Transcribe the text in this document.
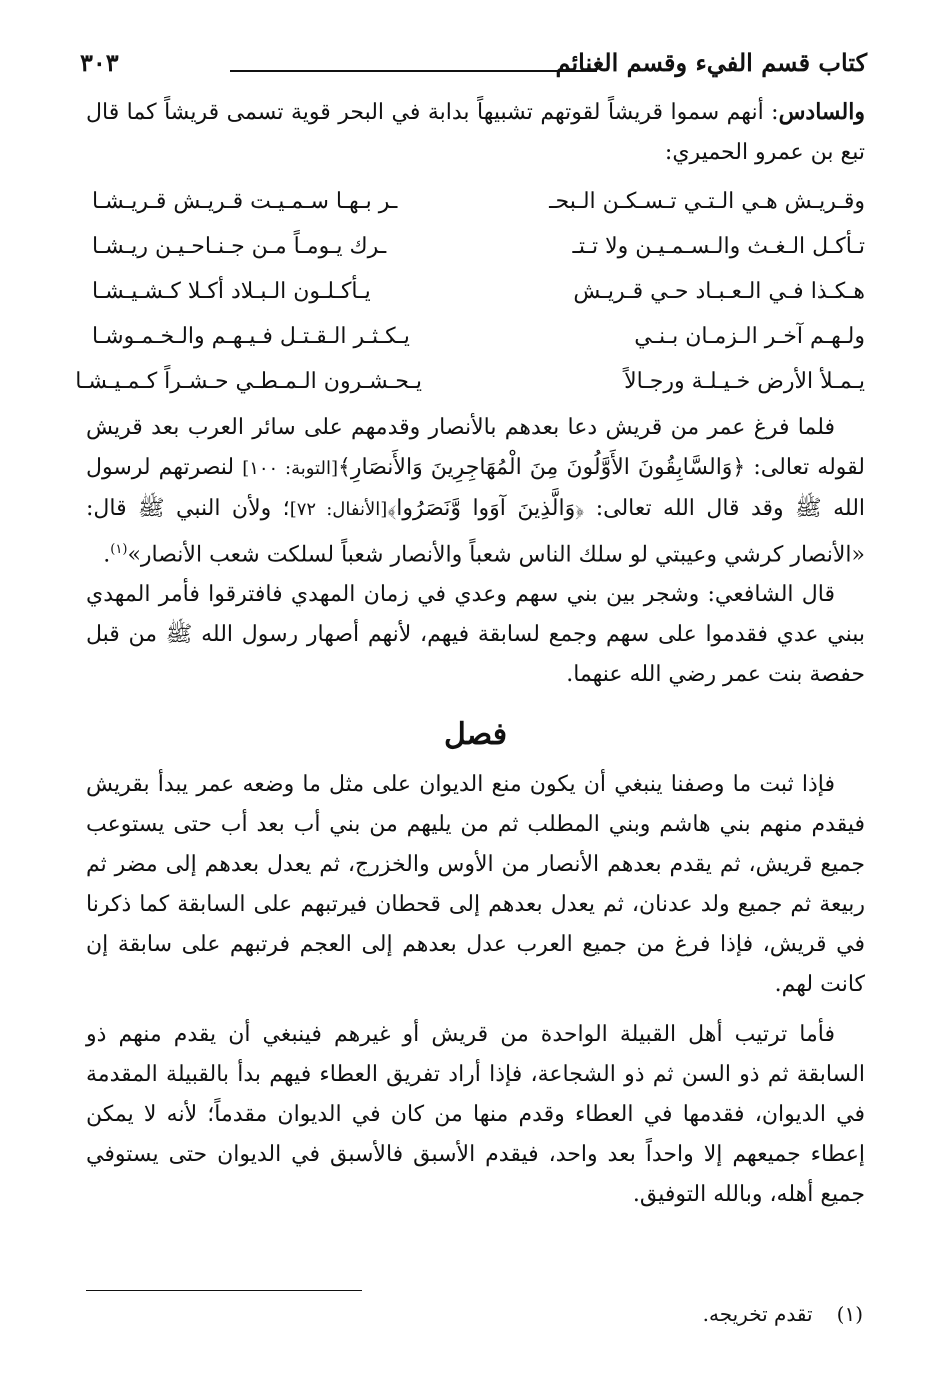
كتاب قسم الفيء وقسم الغنائم
٣٠٣

والسادس: أنهم سموا قريشاً لقوتهم تشبيهاً بدابة في البحر قوية تسمى قريشاً كما قال تبع بن عمرو الحميري:

وقـريـش هـي الـتـي تـسـكـن الـبحـ
ـر بـهـا سـمـيـت قـريـش قـريـشـا
تـأكـل الـغـث والـسـمـيـن ولا تـتـ
ـرك يـومـاً مـن جـنـاحـيـن ريـشـا
هـكـذا فـي الـعـبـاد حـي قـريـش
يـأكـلـون الـبـلاد أكـلا كـشـيـشـا
ولـهـم آخـر الـزمـان بـنـي
يـكـثـر الـقـتـل فـيـهـم والـخـمـوشـا
يـمـلأ الأرض خـيـلـة ورجـالاً
يـحـشـرون الـمـطـي حـشـراً كـمـيـشـا

فلما فرغ عمر من قريش دعا بعدهم بالأنصار وقدمهم على سائر العرب بعد قريش لقوله تعالى: ﴿وَالسَّابِقُونَ الأَوَّلُونَ مِنَ الْمُهَاجِرِينَ وَالأَنصَارِ﴾[التوبة: ١٠٠] لنصرتهم لرسول الله ﷺ وقد قال الله تعالى: ﴿وَالَّذِينَ آوَوا وَّنَصَرُوا﴾[الأنفال: ٧٢]؛ ولأن النبي ﷺ قال: «الأنصار كرشي وعيبتي لو سلك الناس شعباً والأنصار شعباً لسلكت شعب الأنصار»$^{(١)}$.

قال الشافعي: وشجر بين بني سهم وعدي في زمان المهدي فافترقوا فأمر المهدي ببني عدي فقدموا على سهم وجمع لسابقة فيهم، لأنهم أصهار رسول الله ﷺ من قبل حفصة بنت عمر رضي الله عنهما.

فصل

فإذا ثبت ما وصفنا ينبغي أن يكون منع الديوان على مثل ما وضعه عمر يبدأ بقريش فيقدم منهم بني هاشم وبني المطلب ثم من يليهم من بني أب بعد أب حتى يستوعب جميع قريش، ثم يقدم بعدهم الأنصار من الأوس والخزرج، ثم يعدل بعدهم إلى مضر ثم ربيعة ثم جميع ولد عدنان، ثم يعدل بعدهم إلى قحطان فيرتبهم على السابقة كما ذكرنا في قريش، فإذا فرغ من جميع العرب عدل بعدهم إلى العجم فرتبهم على سابقة إن كانت لهم.

فأما ترتيب أهل القبيلة الواحدة من قريش أو غيرهم فينبغي أن يقدم منهم ذو السابقة ثم ذو السن ثم ذو الشجاعة، فإذا أراد تفريق العطاء فيهم بدأ بالقبيلة المقدمة في الديوان، فقدمها في العطاء وقدم منها من كان في الديوان مقدماً؛ لأنه لا يمكن إعطاء جميعهم إلا واحداً بعد واحد، فيقدم الأسبق فالأسبق في الديوان حتى يستوفي جميع أهله، وبالله التوفيق.

(١)تقدم تخريجه.
